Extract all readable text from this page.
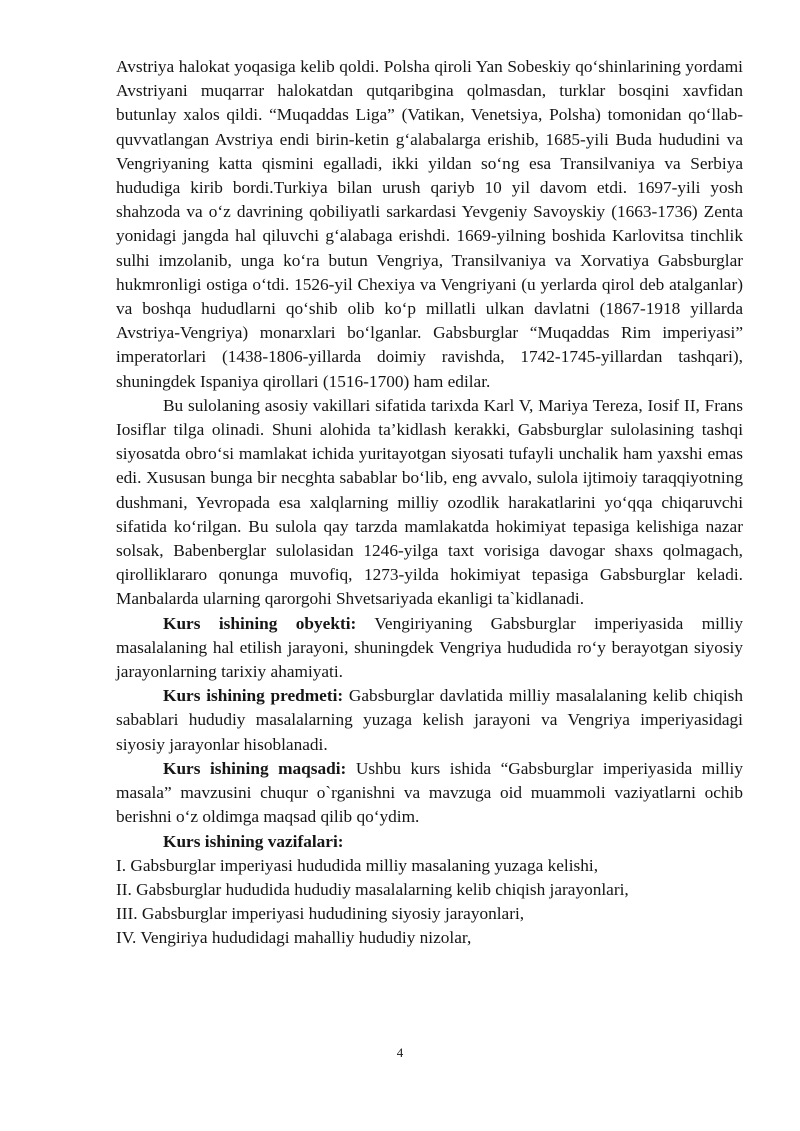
Avstriya halokat yoqasiga kelib qoldi. Polsha qiroli Yan Sobeskiy qo‘shinlarining yordami Avstriyani muqarrar halokatdan qutqaribgina qolmasdan, turklar bosqini xavfidan butunlay xalos qildi. “Muqaddas Liga” (Vatikan, Venetsiya, Polsha) tomonidan qo‘llab-quvvatlangan Avstriya endi birin-ketin g‘alabalarga erishib, 1685-yili Buda hududini va Vengriyaning katta qismini egalladi, ikki yildan so‘ng esa Transilvaniya va Serbiya hududiga kirib bordi.Turkiya bilan urush qariyb 10 yil davom etdi. 1697-yili yosh shahzoda va o‘z davrining qobiliyatli sarkardasi Yevgeniy Savoyskiy (1663-1736) Zenta yonidagi jangda hal qiluvchi g‘alabaga erishdi. 1669-yilning boshida Karlovitsa tinchlik sulhi imzolanib, unga ko‘ra butun Vengriya, Transilvaniya va Xorvatiya Gabsburglar hukmronligi ostiga o‘tdi. 1526-yil Chexiya va Vengriyani (u yerlarda qirol deb atalganlar) va boshqa hududlarni qo‘shib olib ko‘p millatli ulkan davlatni (1867-1918 yillarda Avstriya-Vengriya) monarxlari bo‘lganlar. Gabsburglar “Muqaddas Rim imperiyasi” imperatorlari (1438-1806-yillarda doimiy ravishda, 1742-1745-yillardan tashqari), shuningdek Ispaniya qirollari (1516-1700) ham edilar.

Bu sulolaning asosiy vakillari sifatida tarixda Karl V, Mariya Tereza, Iosif II, Frans Iosiflar tilga olinadi. Shuni alohida ta’kidlash kerakki, Gabsburglar sulolasining tashqi siyosatda obro‘si mamlakat ichida yuritayotgan siyosati tufayli unchalik ham yaxshi emas edi. Xususan bunga bir necghta sabablar bo‘lib, eng avvalo, sulola ijtimoiy taraqqiyotning dushmani, Yevropada esa xalqlarning milliy ozodlik harakatlarini yo‘qqa chiqaruvchi sifatida ko‘rilgan. Bu sulola qay tarzda mamlakatda hokimiyat tepasiga kelishiga nazar solsak, Babenberglar sulolasidan 1246-yilga taxt vorisiga davogar shaxs qolmagach, qirolliklararo qonunga muvofiq, 1273-yilda hokimiyat tepasiga Gabsburglar keladi. Manbalarda ularning qarorgohi Shvetsariyada ekanligi ta`kidlanadi.

Kurs ishining obyekti: Vengiriyaning Gabsburglar imperiyasida milliy masalalaning hal etilish jarayoni, shuningdek Vengriya hududida ro‘y berayotgan siyosiy jarayonlarning tarixiy ahamiyati.

Kurs ishining predmeti: Gabsburglar davlatida milliy masalalaning kelib chiqish sabablari hududiy masalalarning yuzaga kelish jarayoni va Vengriya imperiyasidagi siyosiy jarayonlar hisoblanadi.

Kurs ishining maqsadi: Ushbu kurs ishida “Gabsburglar imperiyasida milliy masala” mavzusini chuqur o`rganishni va mavzuga oid muammoli vaziyatlarni ochib berishni o‘z oldimga maqsad qilib qo‘ydim.

Kurs ishining vazifalari:

I. Gabsburglar imperiyasi hududida milliy masalaning yuzaga kelishi,

II. Gabsburglar hududida hududiy masalalarning kelib chiqish jarayonlari,

III. Gabsburglar imperiyasi hududining siyosiy jarayonlari,

IV. Vengiriya hududidagi mahalliy hududiy nizolar,

4
